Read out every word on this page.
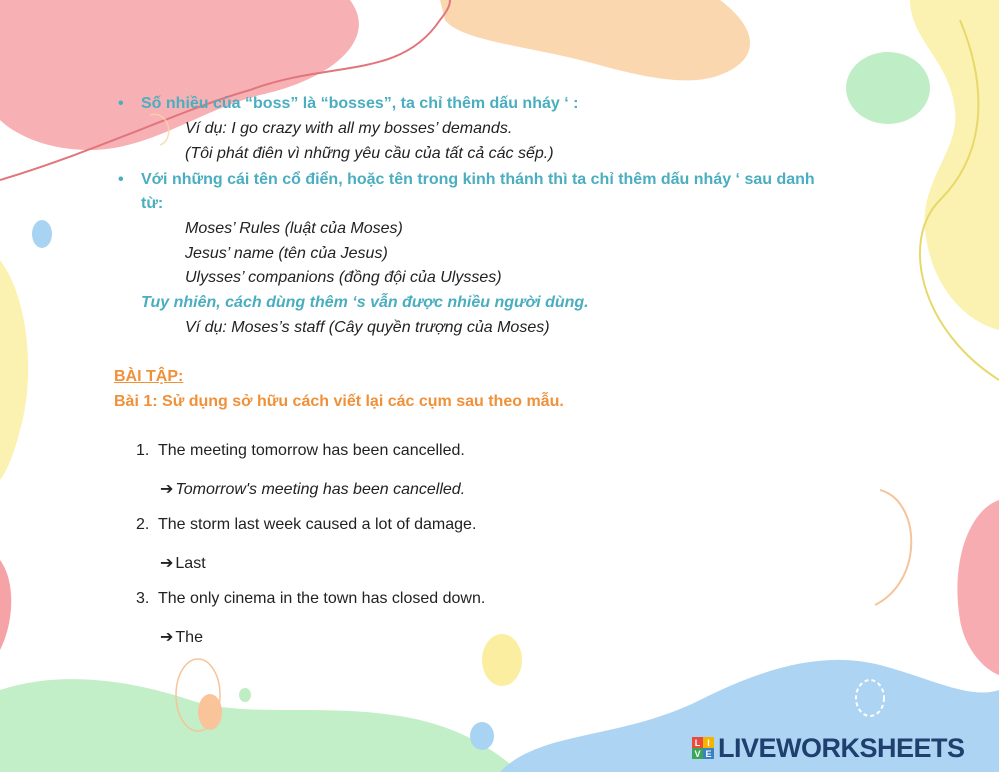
• Số nhiều của “boss” là “bosses”, ta chỉ thêm dấu nháy ‘ :
Ví dụ: I go crazy with all my bosses’ demands.
(Tôi phát điên vì những yêu cầu của tất cả các sếp.)
• Với những cái tên cổ điển, hoặc tên trong kinh thánh thì ta chỉ thêm dấu nháy ‘ sau danh
từ:
Moses’ Rules (luật của Moses)
Jesus’ name (tên của Jesus)
Ulysses’ companions (đồng đội của Ulysses)
Tuy nhiên, cách dùng thêm ‘s vẫn được nhiều người dùng.
Ví dụ: Moses’s staff (Cây quyền trượng của Moses)
BÀI TẬP:
Bài 1: Sử dụng sở hữu cách viết lại các cụm sau theo mẫu.
1. The meeting tomorrow has been cancelled.
➔ Tomorrow's meeting has been cancelled.
2. The storm last week caused a lot of damage.
➔ Last
3. The only cinema in the town has closed down.
➔ The
L I
V E LIVEWORKSHEETS
